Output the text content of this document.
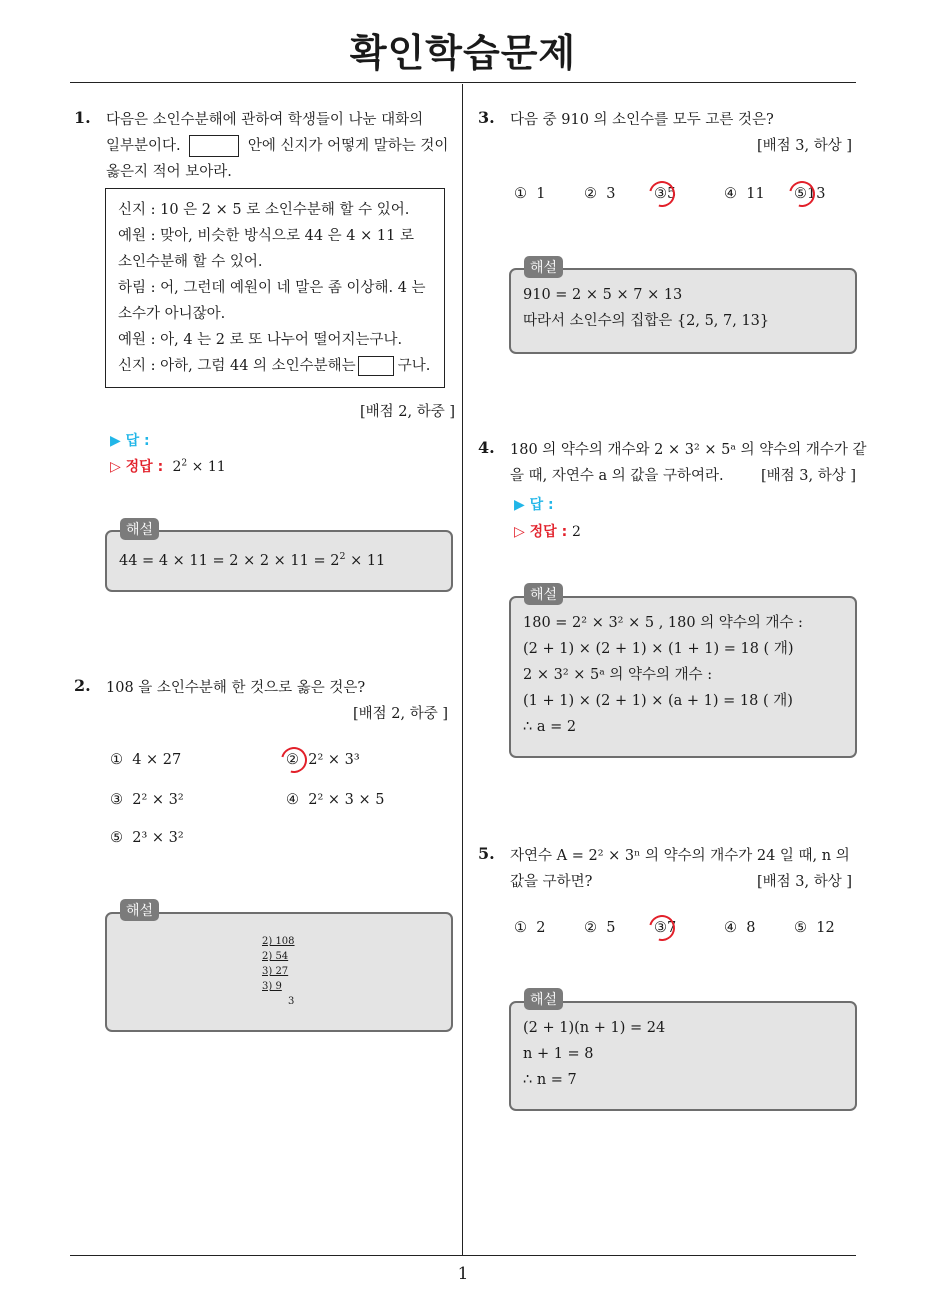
확인학습문제
1
1. 다음은 소인수분해에 관하여 학생들이 나눈 대화의
일부분이다.	안에 신지가 어떻게 말하는 것이
옳은지 적어 보아라.
신지 : 10 은 2 × 5 로 소인수분해 할 수 있어.
예원 : 맞아, 비슷한 방식으로 44 은 4 × 11 로
소인수분해 할 수 있어.
하림 : 어, 그런데 예원이 네 말은 좀 이상해. 4 는
소수가 아니잖아.
예원 : 아, 4 는 2 로 또 나누어 떨어지는구나.
신지 : 아하, 그럼 44 의 소인수분해는	구나.
[배점 2, 하중 ]
▶ 답 :
▷ 정답 : $2^2 \times 11$
$44 = 4 \times 11 = 2 \times 2 \times 11 = 2^2 \times 11$
해설
2. 108 을 소인수분해 한 것으로 옳은 것은?
[배점 2, 하중 ]
① 4 × 27	② 2² × 3³
③ 2² × 3²	④ 2² × 3 × 5
⑤ 2³ × 3²
해설
2) 108
2) 54
3) 27
3) 9
3
3. 다음 중 910 의 소인수를 모두 고른 것은?
[배점 3, 하상 ]
① 1	② 3	③5	④ 11 ⑤13
910 = 2 × 5 × 7 × 13
따라서 소인수의 집합은 {2, 5, 7, 13}
해설
4. 180 의 약수의 개수와 2 × 3² × 5ᵃ 의 약수의 개수가 같
을 때, 자연수 a 의 값을 구하여라.	[배점 3, 하상 ]
▶ 답 :
▷ 정답 : 2
180 = 2² × 3² × 5 , 180 의 약수의 개수 :
(2 + 1) × (2 + 1) × (1 + 1) = 18 ( 개)
2 × 3² × 5ᵃ 의 약수의 개수 :
(1 + 1) × (2 + 1) × (a + 1) = 18 ( 개)
∴ a = 2
해설
5. 자연수 A = 2² × 3ⁿ 의 약수의 개수가 24 일 때, n 의
값을 구하면?	[배점 3, 하상 ]
① 2	② 5	③7	④ 8	⑤ 12
(2 + 1)(n + 1) = 24
n + 1 = 8
∴ n = 7
해설
